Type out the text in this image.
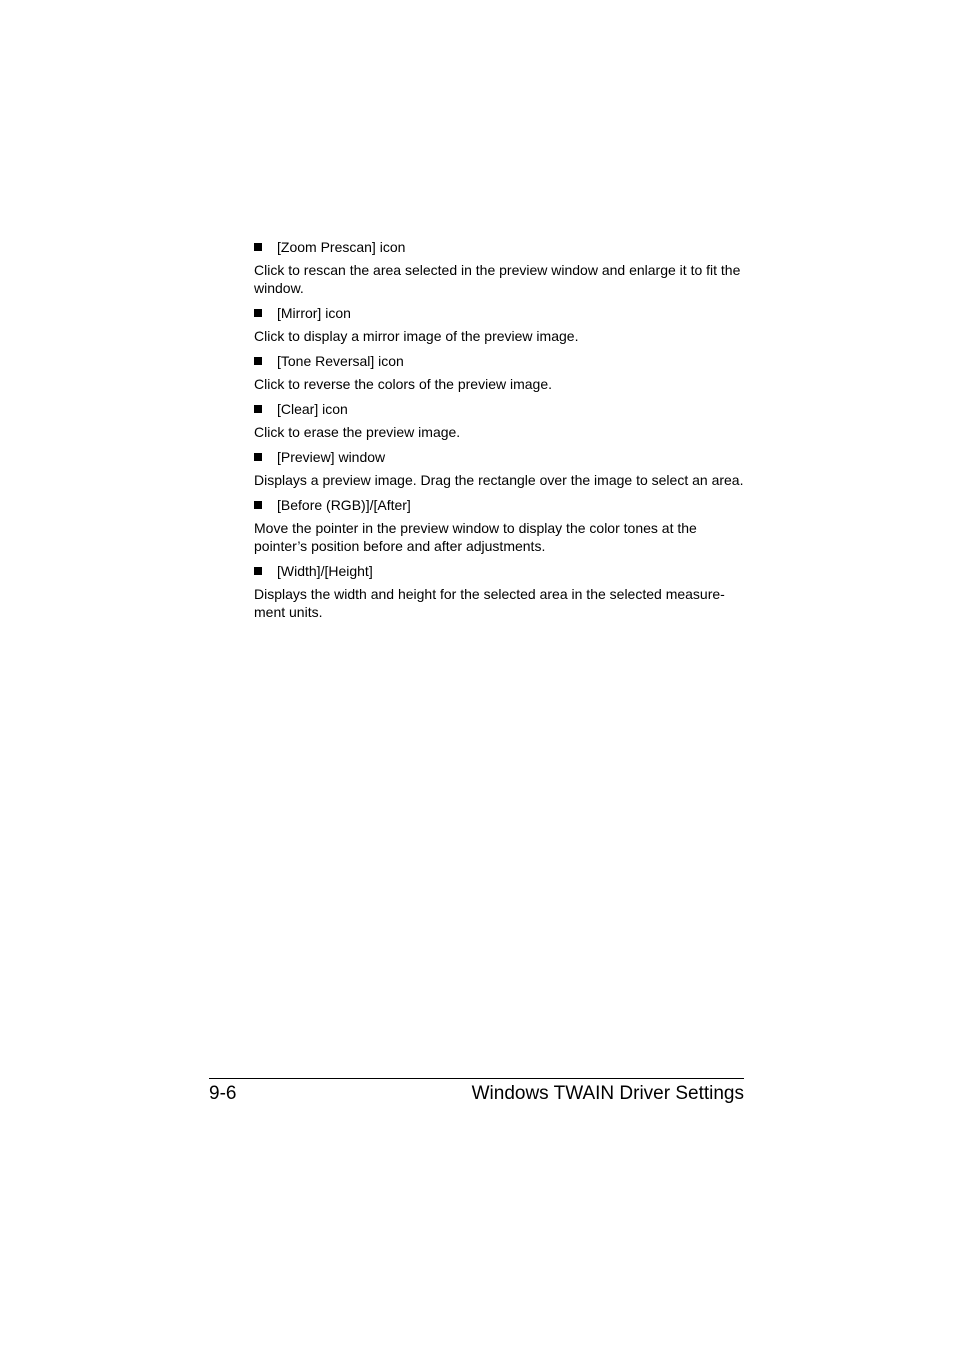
[Zoom Prescan] icon

Click to rescan the area selected in the preview window and enlarge it to fit the window.

[Mirror] icon

Click to display a mirror image of the preview image.

[Tone Reversal] icon

Click to reverse the colors of the preview image.

[Clear] icon

Click to erase the preview image.

[Preview] window

Displays a preview image. Drag the rectangle over the image to select an area.

[Before (RGB)]/[After]

Move the pointer in the preview window to display the color tones at the pointer’s position before and after adjustments.

[Width]/[Height]

Displays the width and height for the selected area in the selected measure-ment units.

9-6	Windows TWAIN Driver Settings
